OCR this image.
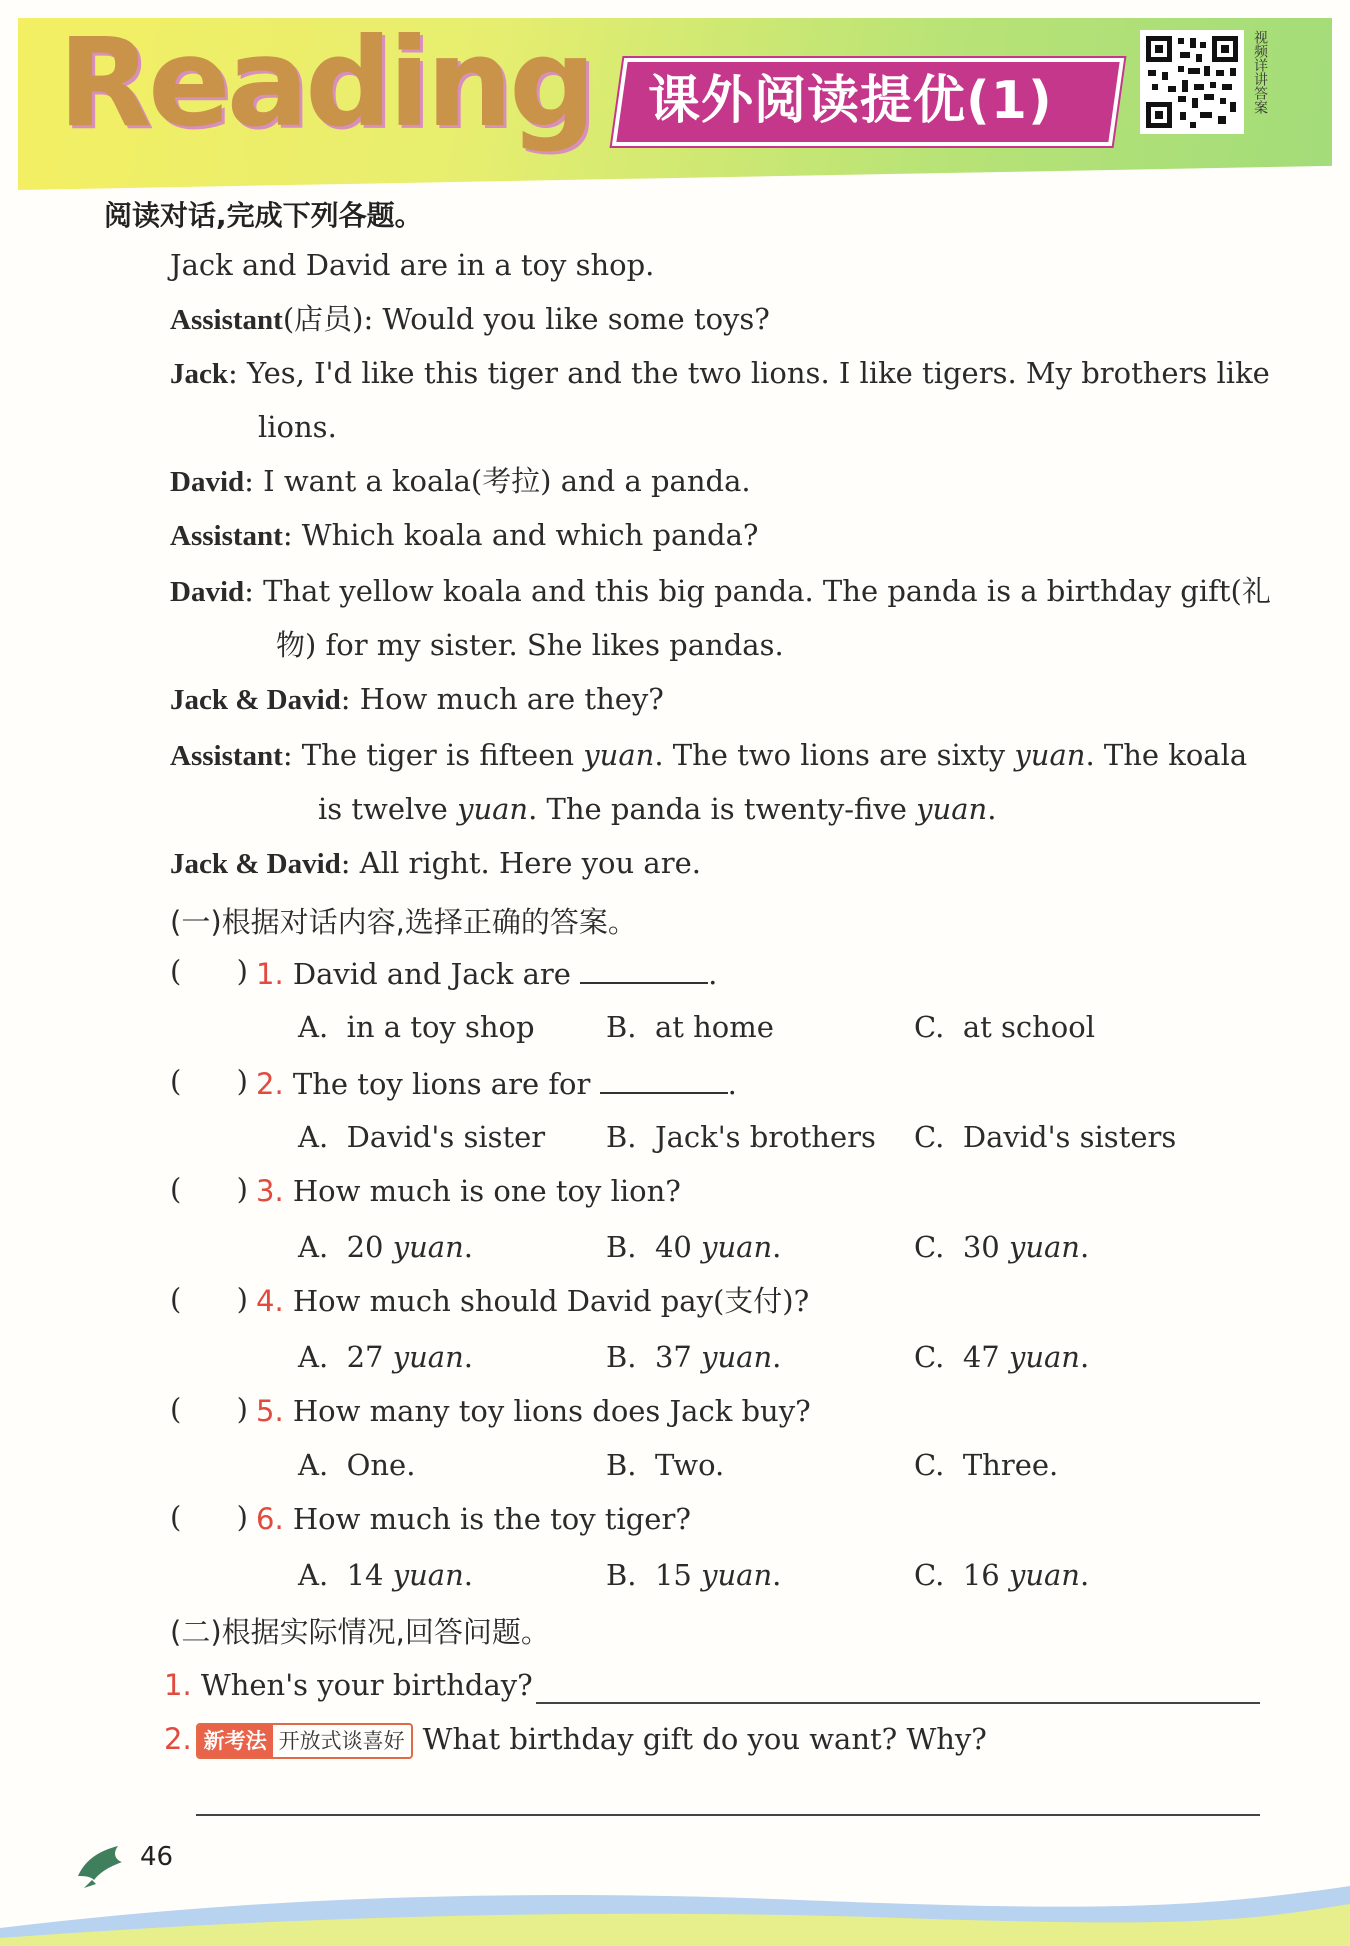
Reading 课外阅读提优(1)	视频详讲答案
阅读对话,完成下列各题。
Jack and David are in a toy shop.
Assistant(店员): Would you like some toys?
Jack: Yes, I'd like this tiger and the two lions. I like tigers. My brothers like
lions.
David: I want a koala(考拉) and a panda.
Assistant: Which koala and which panda?
David: That yellow koala and this big panda. The panda is a birthday gift(礼
物) for my sister. She likes pandas.
Jack & David: How much are they?
Assistant: The tiger is fifteen yuan. The two lions are sixty yuan. The koala
is twelve yuan. The panda is twenty-five yuan.
Jack & David: All right. Here you are.
(一)根据对话内容,选择正确的答案。
(      ) 1. David and Jack are	.
A. in a toy shop B. at home	C. at school
(      ) 2. The toy lions are for	.
A. David's sister B. Jack's brothers C. David's sisters
(      ) 3. How much is one toy lion?
A. 20 yuan.	B. 40 yuan.	C. 30 yuan.
(      ) 4. How much should David pay(支付)?
A. 27 yuan.	B. 37 yuan.	C. 47 yuan.
(      ) 5. How many toy lions does Jack buy?
A. One.	B. Two.	C. Three.
(      ) 6. How much is the toy tiger?
A. 14 yuan.	B. 15 yuan.	C. 16 yuan.
(二)根据实际情况,回答问题。
1. When's your birthday?
2. 新考法 开放式谈喜好 What birthday gift do you want? Why?
46
